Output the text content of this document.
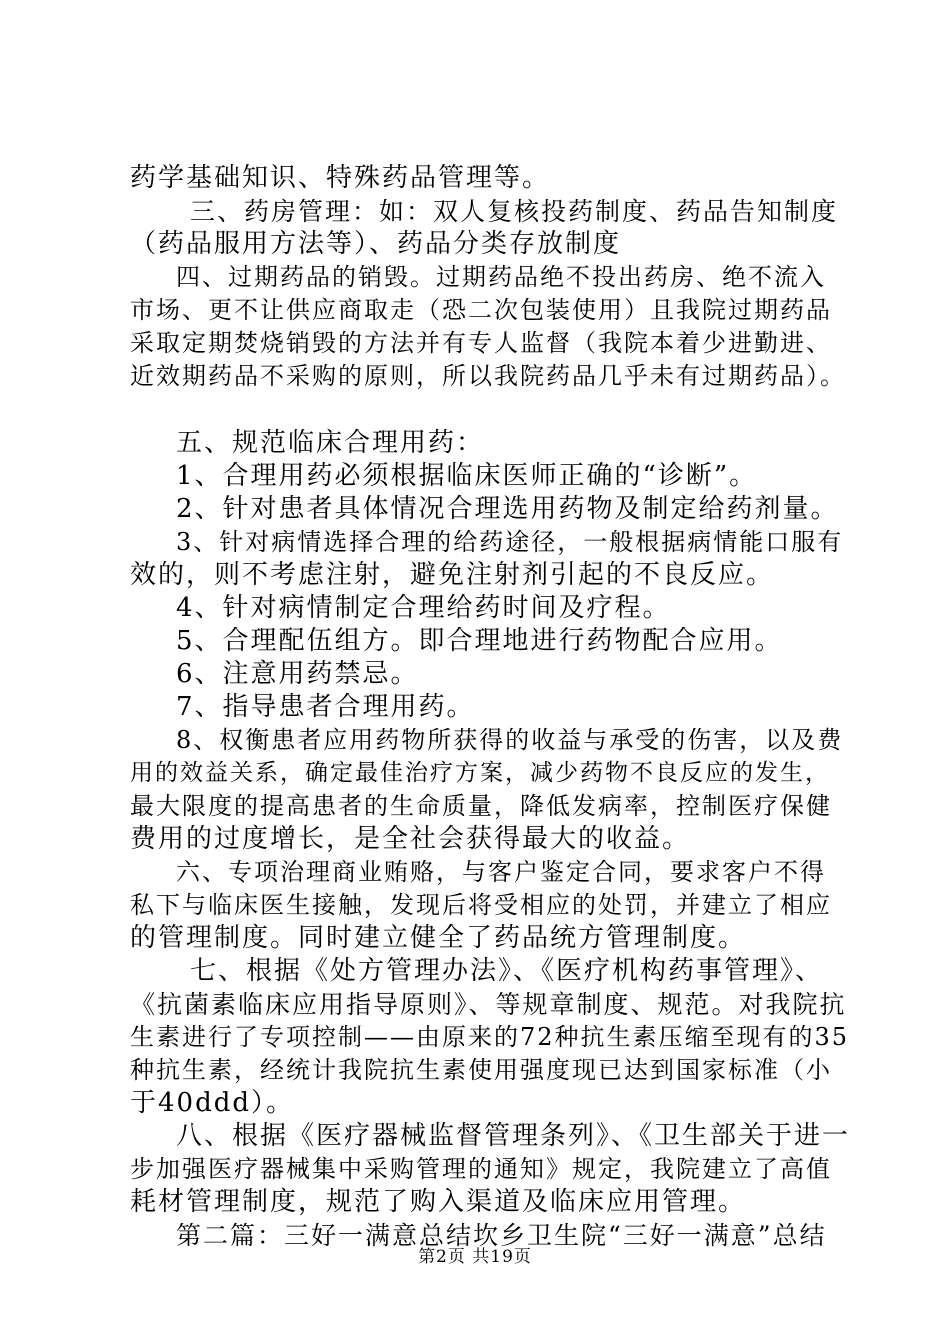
药学基础知识、特殊药品管理等。
三、药房管理：如：双人复核投药制度、药品告知制度
（药品服用方法等）、药品分类存放制度
四、过期药品的销毁。过期药品绝不投出药房、绝不流入
市场、更不让供应商取走（恐二次包装使用）且我院过期药品
采取定期焚烧销毁的方法并有专人监督（我院本着少进勤进、
近效期药品不采购的原则，所以我院药品几乎未有过期药品）。
五、规范临床合理用药：
1、合理用药必须根据临床医师正确的“诊断”。
2、针对患者具体情况合理选用药物及制定给药剂量。
3、针对病情选择合理的给药途径，一般根据病情能口服有
效的，则不考虑注射，避免注射剂引起的不良反应。
4、针对病情制定合理给药时间及疗程。
5、合理配伍组方。即合理地进行药物配合应用。
6、注意用药禁忌。
7、指导患者合理用药。
8、权衡患者应用药物所获得的收益与承受的伤害，以及费
用的效益关系，确定最佳治疗方案，减少药物不良反应的发生，
最大限度的提高患者的生命质量，降低发病率，控制医疗保健
费用的过度增长，是全社会获得最大的收益。
六、专项治理商业贿赂，与客户鉴定合同，要求客户不得
私下与临床医生接触，发现后将受相应的处罚，并建立了相应
的管理制度。同时建立健全了药品统方管理制度。
七、根据《处方管理办法》、《医疗机构药事管理》、
《抗菌素临床应用指导原则》、等规章制度、规范。对我院抗
生素进行了专项控制——由原来的72种抗生素压缩至现有的35
种抗生素，经统计我院抗生素使用强度现已达到国家标准（小
于40ddd）。
八、根据《医疗器械监督管理条列》、《卫生部关于进一
步加强医疗器械集中采购管理的通知》规定，我院建立了高值
耗材管理制度，规范了购入渠道及临床应用管理。
第二篇：三好一满意总结坎乡卫生院“三好一满意”总结
第2页 共19页
